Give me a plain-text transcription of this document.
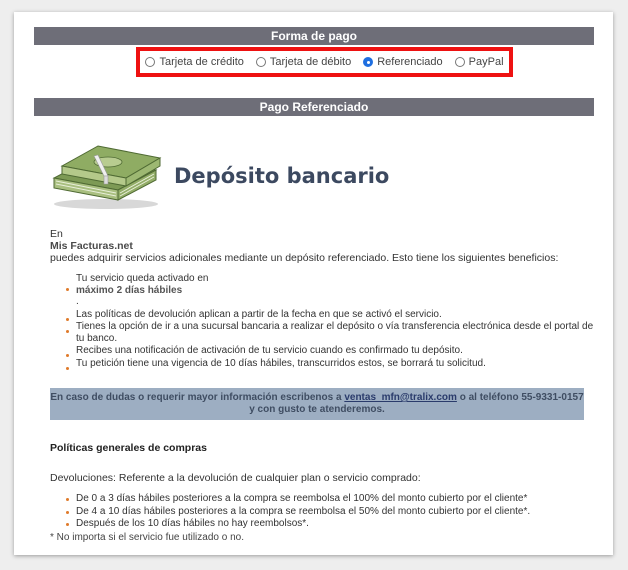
Forma de pago
Tarjeta de crédito Tarjeta de débito Referenciado PayPal
Pago Referenciado
Depósito bancario
En
Mis Facturas.net
puedes adquirir servicios adicionales mediante un depósito referenciado. Esto tiene los siguientes beneficios:
Tu servicio queda activado en
máximo 2 días hábiles
.
Las políticas de devolución aplican a partir de la fecha en que se activó el servicio.
Tienes la opción de ir a una sucursal bancaria a realizar el depósito o vía transferencia electrónica desde el portal de tu banco.
Recibes una notificación de activación de tu servicio cuando es confirmado tu depósito.
Tu petición tiene una vigencia de 10 días hábiles, transcurridos estos, se borrará tu solicitud.
En caso de dudas o requerir mayor información escribenos a ventas_mfn@tralix.com o al teléfono 55-9331-0157 y con gusto te atenderemos.
Políticas generales de compras
Devoluciones: Referente a la devolución de cualquier plan o servicio comprado:
De 0 a 3 días hábiles posteriores a la compra se reembolsa el 100% del monto cubierto por el cliente*
De 4 a 10 días hábiles posteriores a la compra se reembolsa el 50% del monto cubierto por el cliente*.
Después de los 10 días hábiles no hay reembolsos*.
* No importa si el servicio fue utilizado o no.
